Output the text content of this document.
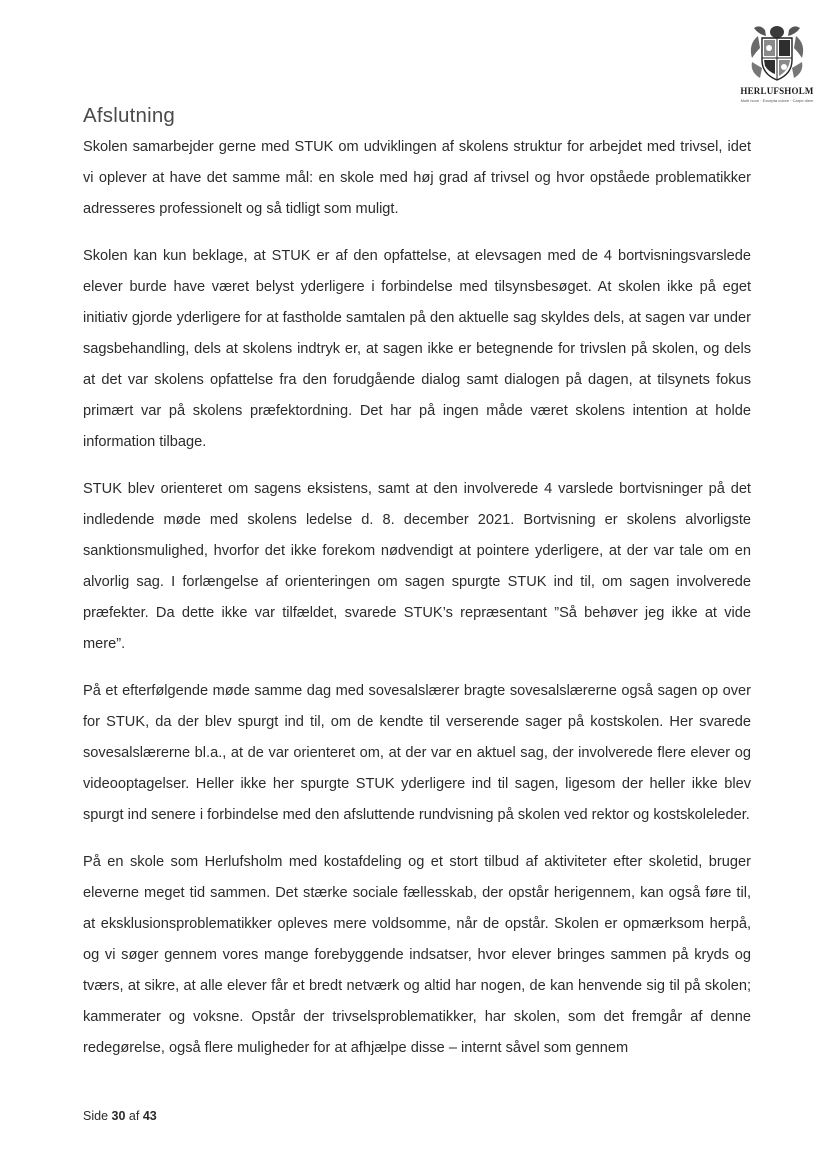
HERLUFSHOLM
Multi noun · Excepta colore · Carpe diem
Afslutning

Skolen samarbejder gerne med STUK om udviklingen af skolens struktur for arbejdet med trivsel, idet vi oplever at have det samme mål: en skole med høj grad af trivsel og hvor opståede problematikker adresseres professionelt og så tidligt som muligt.

Skolen kan kun beklage, at STUK er af den opfattelse, at elevsagen med de 4 bortvisningsvarslede elever burde have været belyst yderligere i forbindelse med tilsynsbesøget. At skolen ikke på eget initiativ gjorde yderligere for at fastholde samtalen på den aktuelle sag skyldes dels, at sagen var under sagsbehandling, dels at skolens indtryk er, at sagen ikke er betegnende for trivslen på skolen, og dels at det var skolens opfattelse fra den forudgående dialog samt dialogen på dagen, at tilsynets fokus primært var på skolens præfektordning. Det har på ingen måde været skolens intention at holde information tilbage.

STUK blev orienteret om sagens eksistens, samt at den involverede 4 varslede bortvisninger på det indledende møde med skolens ledelse d. 8. december 2021. Bortvisning er skolens alvorligste sanktionsmulighed, hvorfor det ikke forekom nødvendigt at pointere yderligere, at der var tale om en alvorlig sag. I forlængelse af orienteringen om sagen spurgte STUK ind til, om sagen involverede præfekter. Da dette ikke var tilfældet, svarede STUK’s repræsentant ”Så behøver jeg ikke at vide mere”.

På et efterfølgende møde samme dag med sovesalslærer bragte sovesalslærerne også sagen op over for STUK, da der blev spurgt ind til, om de kendte til verserende sager på kostskolen. Her svarede sovesalslærerne bl.a., at de var orienteret om, at der var en aktuel sag, der involverede flere elever og videooptagelser. Heller ikke her spurgte STUK yderligere ind til sagen, ligesom der heller ikke blev spurgt ind senere i forbindelse med den afsluttende rundvisning på skolen ved rektor og kostskoleleder.

På en skole som Herlufsholm med kostafdeling og et stort tilbud af aktiviteter efter skoletid, bruger eleverne meget tid sammen. Det stærke sociale fællesskab, der opstår herigennem, kan også føre til, at eksklusionsproblematikker opleves mere voldsomme, når de opstår. Skolen er opmærksom herpå, og vi søger gennem vores mange forebyggende indsatser, hvor elever bringes sammen på kryds og tværs, at sikre, at alle elever får et bredt netværk og altid har nogen, de kan henvende sig til på skolen; kammerater og voksne. Opstår der trivselsproblematikker, har skolen, som det fremgår af denne redegørelse, også flere muligheder for at afhjælpe disse – internt såvel som gennem

Side 30 af 43
